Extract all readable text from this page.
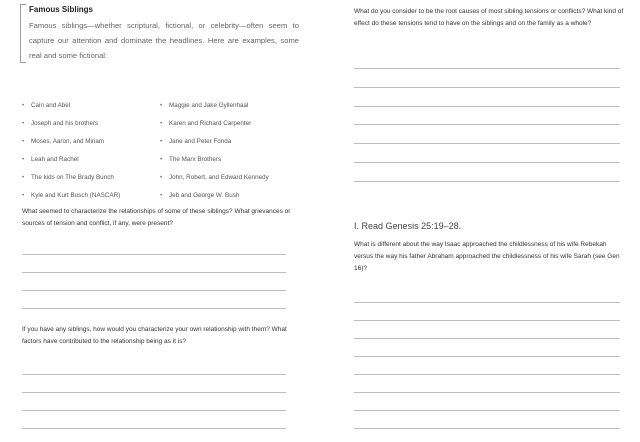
Famous Siblings

Famous siblings—whether scriptural, fictional, or celebrity—often seem to capture our attention and dominate the headlines. Here are examples, some real and some fictional:

• Cain and Abel	• Maggie and Jake Gyllenhaal
• Joseph and his brothers	• Karen and Richard Carpenter
• Moses, Aaron, and Miriam	• Jane and Peter Fonda
• Leah and Rachel	• The Marx Brothers
• The kids on The Brady Bunch	• John, Robert, and Edward Kennedy
• Kyle and Kurt Busch (NASCAR)	• Jeb and George W. Bush

What seemed to characterize the relationships of some of these siblings? What grievances or sources of tension and conflict, if any, were present?

If you have any siblings, how would you characterize your own relationship with them? What factors have contributed to the relationship being as it is?

What do you consider to be the root causes of most sibling tensions or conflicts? What kind of effect do these tensions tend to have on the siblings and on the family as a whole?

I. Read Genesis 25:19–28.

What is different about the way Isaac approached the childlessness of his wife Rebekah versus the way his father Abraham approached the childlessness of his wife Sarah (see Gen 16)?
